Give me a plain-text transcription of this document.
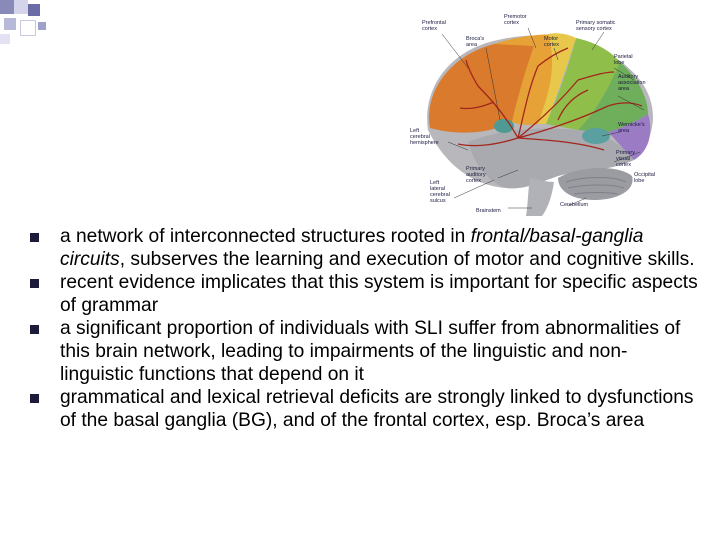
Prefrontal cortex
Premotor cortex	Primary somatic sensory cortex
Broca's area
Motor cortex
Parietal lobe
Auditory association area
Wernicke's area
Left cerebral hemisphere
Primary visual cortex
Primary auditory cortex
Occipital lobe
Left lateral cerebral sulcus
Brainstem
Cerebellum
a network of interconnected structures rooted in frontal/basal-ganglia circuits, subserves the learning and execution of motor and cognitive skills.
recent evidence implicates that this system is important for specific aspects of grammar
a significant proportion of individuals with SLI suffer from abnormalities of this brain network, leading to impairments of the linguistic and non-linguistic functions that depend on it
grammatical and lexical retrieval deficits are strongly linked to dysfunctions of the basal ganglia (BG), and of the frontal cortex, esp. Broca’s area
